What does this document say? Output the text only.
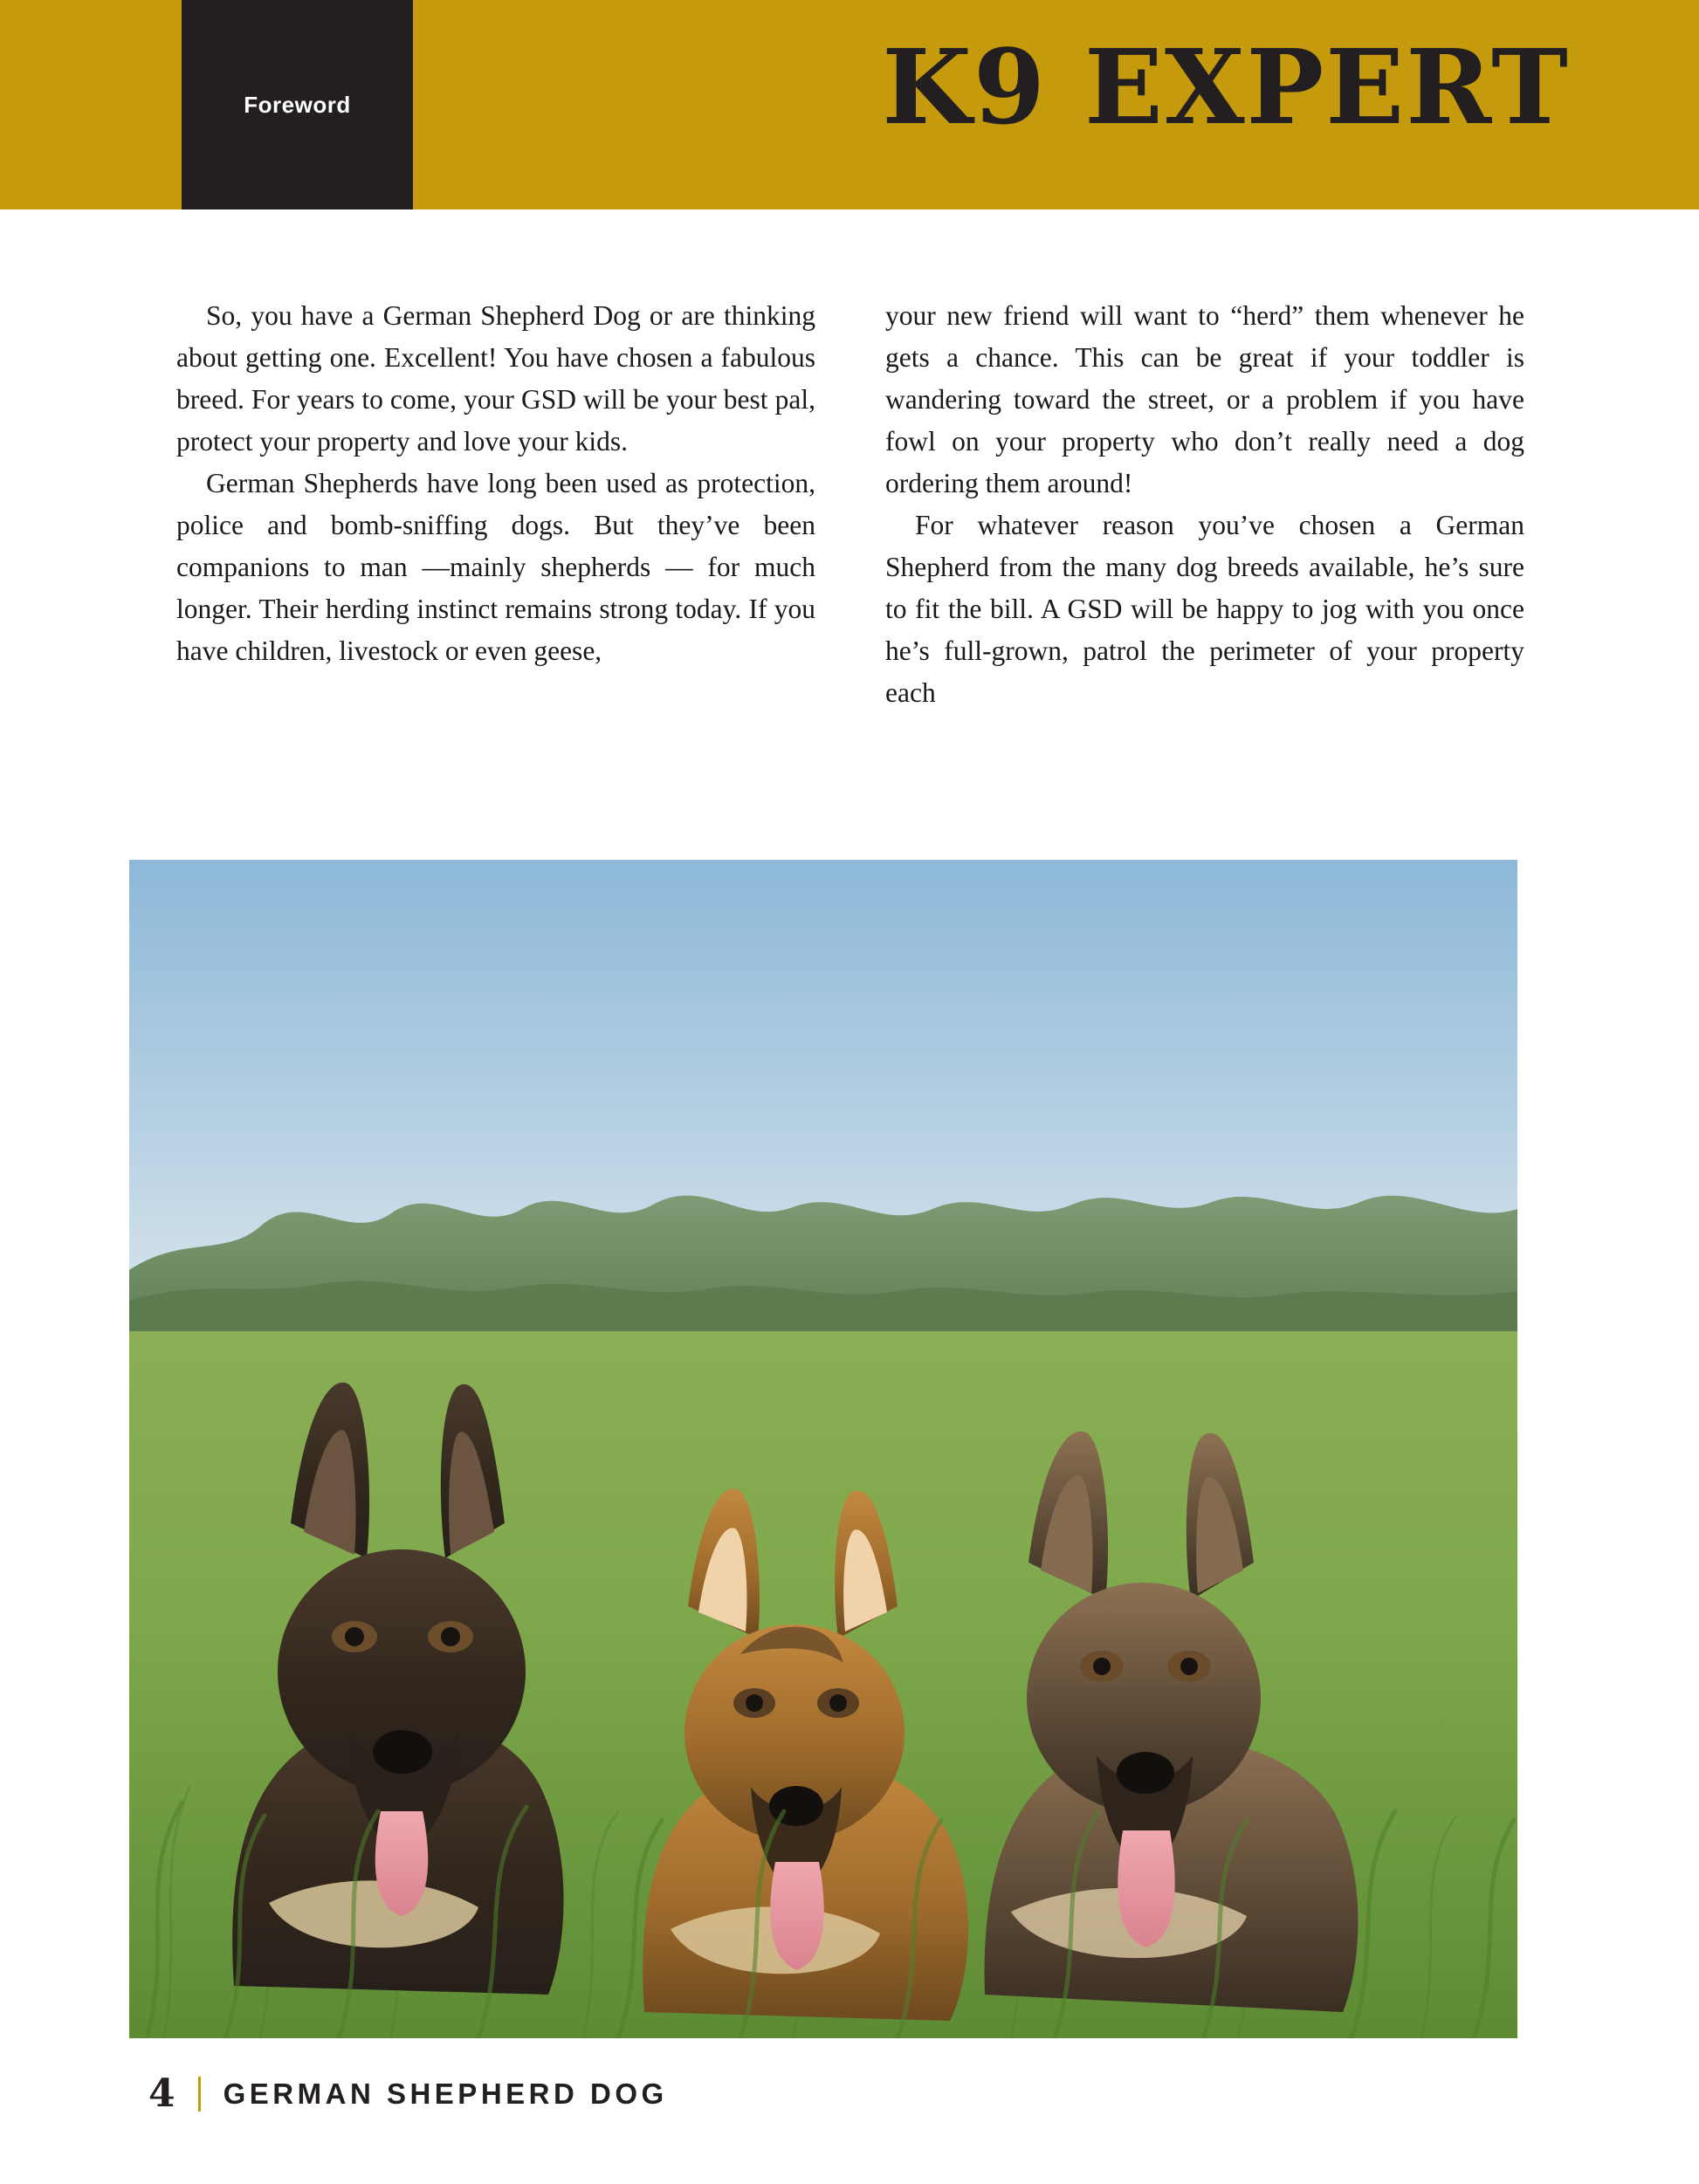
Foreword	K9 EXPERT

So, you have a German Shepherd Dog or are thinking about getting one. Excellent! You have chosen a fabulous breed. For years to come, your GSD will be your best pal, protect your property and love your kids.

German Shepherds have long been used as protection, police and bomb-sniffing dogs. But they’ve been companions to man —mainly shepherds — for much longer. Their herding instinct remains strong today. If you have children, livestock or even geese,

your new friend will want to “herd” them whenever he gets a chance. This can be great if your toddler is wandering toward the street, or a problem if you have fowl on your property who don’t really need a dog ordering them around!

For whatever reason you’ve chosen a German Shepherd from the many dog breeds available, he’s sure to fit the bill. A GSD will be happy to jog with you once he’s full-grown, patrol the perimeter of your property each

4 GERMAN SHEPHERD DOG
